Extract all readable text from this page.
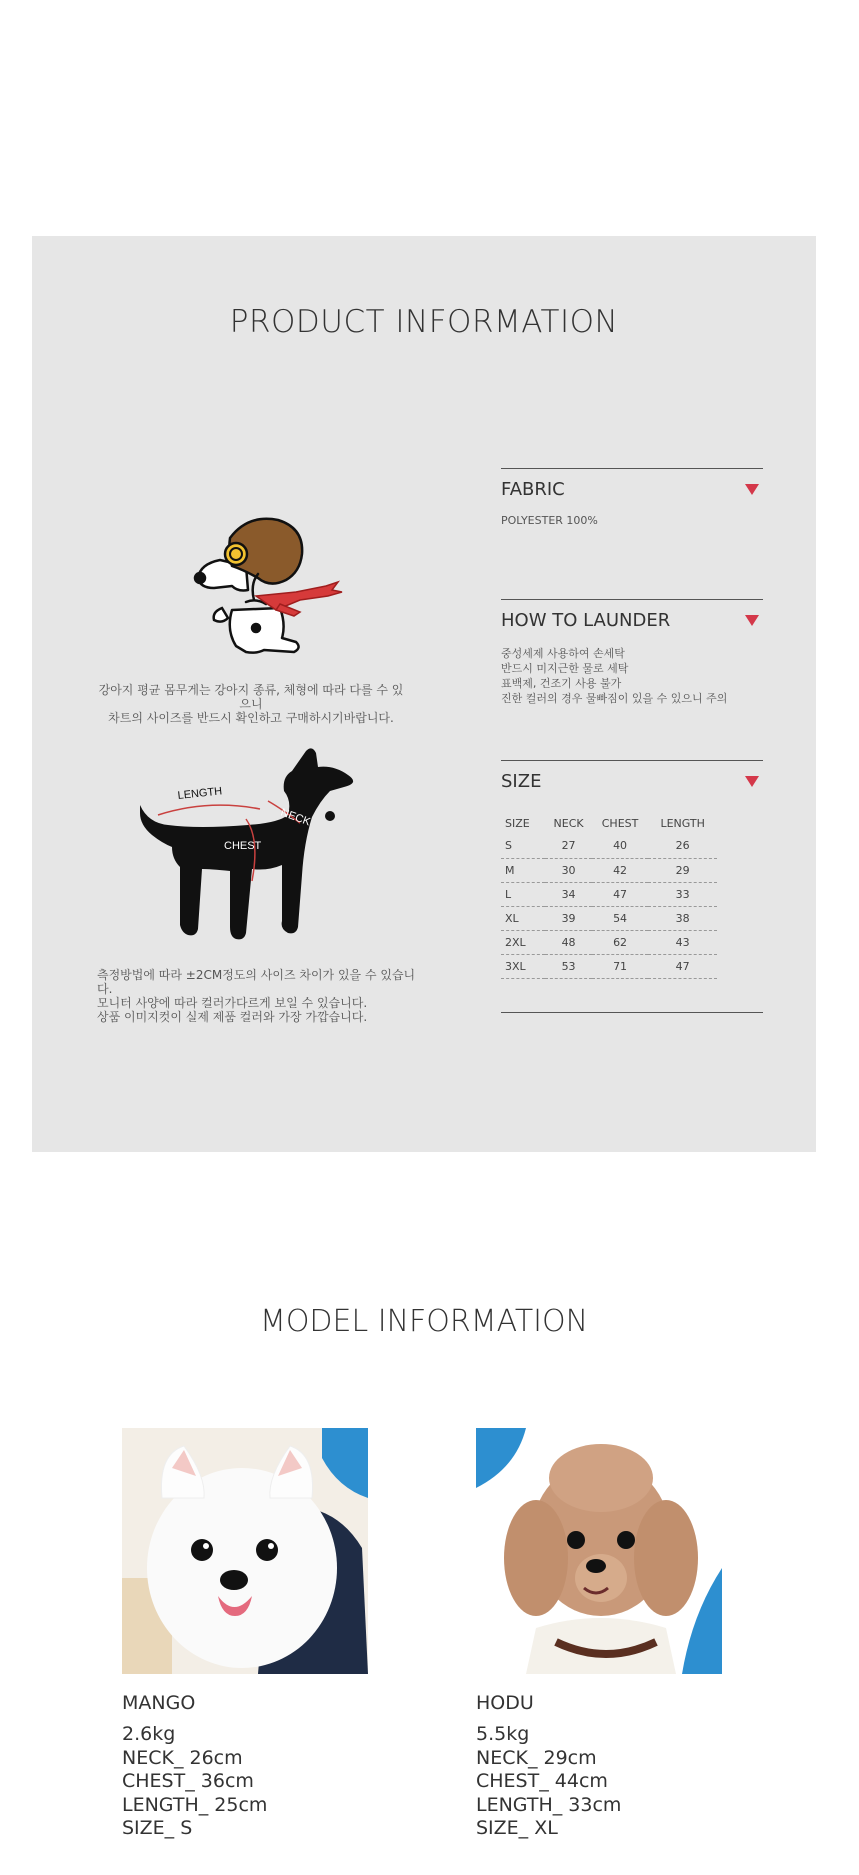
PRODUCT INFORMATION
강아지 평균 몸무게는 강아지 종류, 체형에 따라 다를 수 있으니
차트의 사이즈를 반드시 확인하고 구매하시기바랍니다.
LENGTH
NECK
CHEST
측정방법에 따라 ±2CM정도의 사이즈 차이가 있을 수 있습니다.
모니터 사양에 따라 컬러가다르게 보일 수 있습니다.
상품 이미지컷이 실제 제품 컬러와 가장 가깝습니다.
FABRIC
POLYESTER 100%
HOW TO LAUNDER
중성세제 사용하여 손세탁
반드시 미지근한 물로 세탁
표백제, 건조기 사용 불가
진한 컬러의 경우 물빠짐이 있을 수 있으니 주의
SIZE
SIZE	NECK	CHEST	LENGTH
S	27	40	26
M	30	42	29
L	34	47	33
XL	39	54	38
2XL	48	62	43
3XL	53	71	47
MODEL INFORMATION
MANGO
2.6kg
NECK_ 26cm
CHEST_ 36cm
LENGTH_ 25cm
SIZE_ S
HODU
5.5kg
NECK_ 29cm
CHEST_ 44cm
LENGTH_ 33cm
SIZE_ XL
